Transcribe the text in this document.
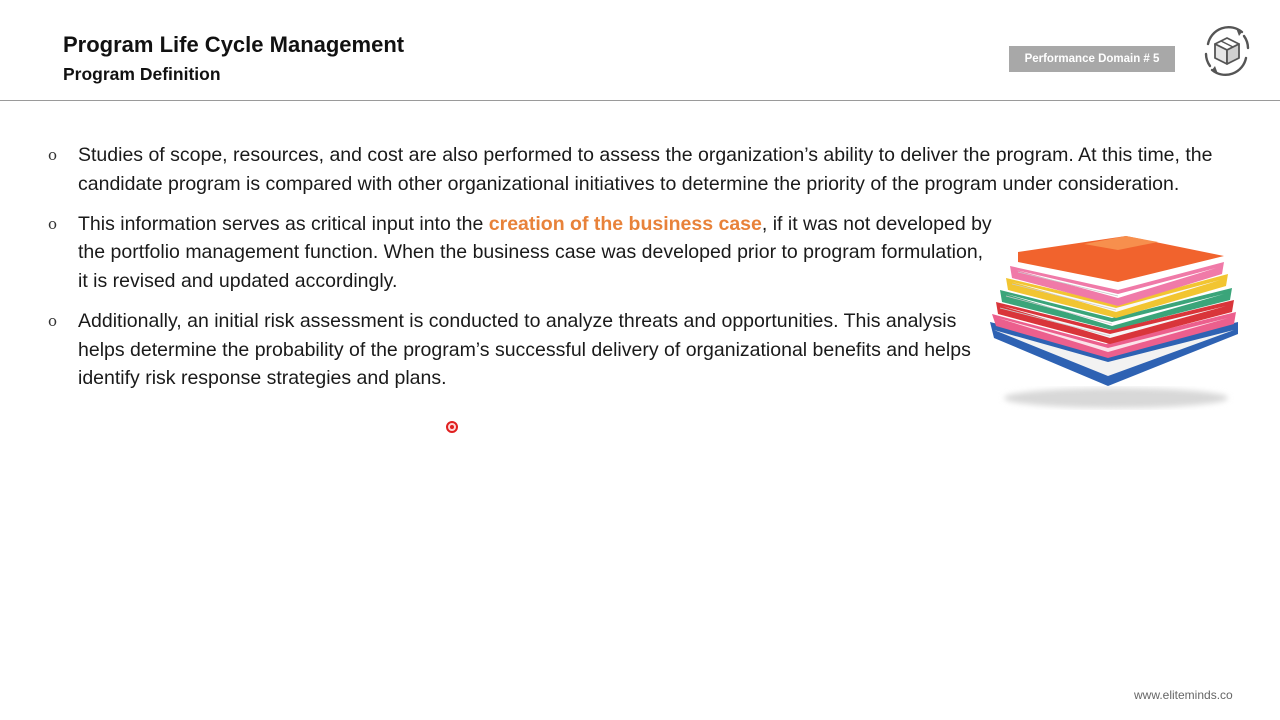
Program Life Cycle Management
Program Definition
Performance Domain # 5
o Studies of scope, resources, and cost are also performed to assess the organization’s ability to deliver the program. At this time, the candidate program is compared with other organizational initiatives to determine the priority of the program under consideration.
o This information serves as critical input into the creation of the business case, if it was not developed by the portfolio management function. When the business case was developed prior to program formulation, it is revised and updated accordingly.
o Additionally, an initial risk assessment is conducted to analyze threats and opportunities. This analysis helps determine the probability of the program’s successful delivery of organizational benefits and helps identify risk response strategies and plans.
www.eliteminds.co
